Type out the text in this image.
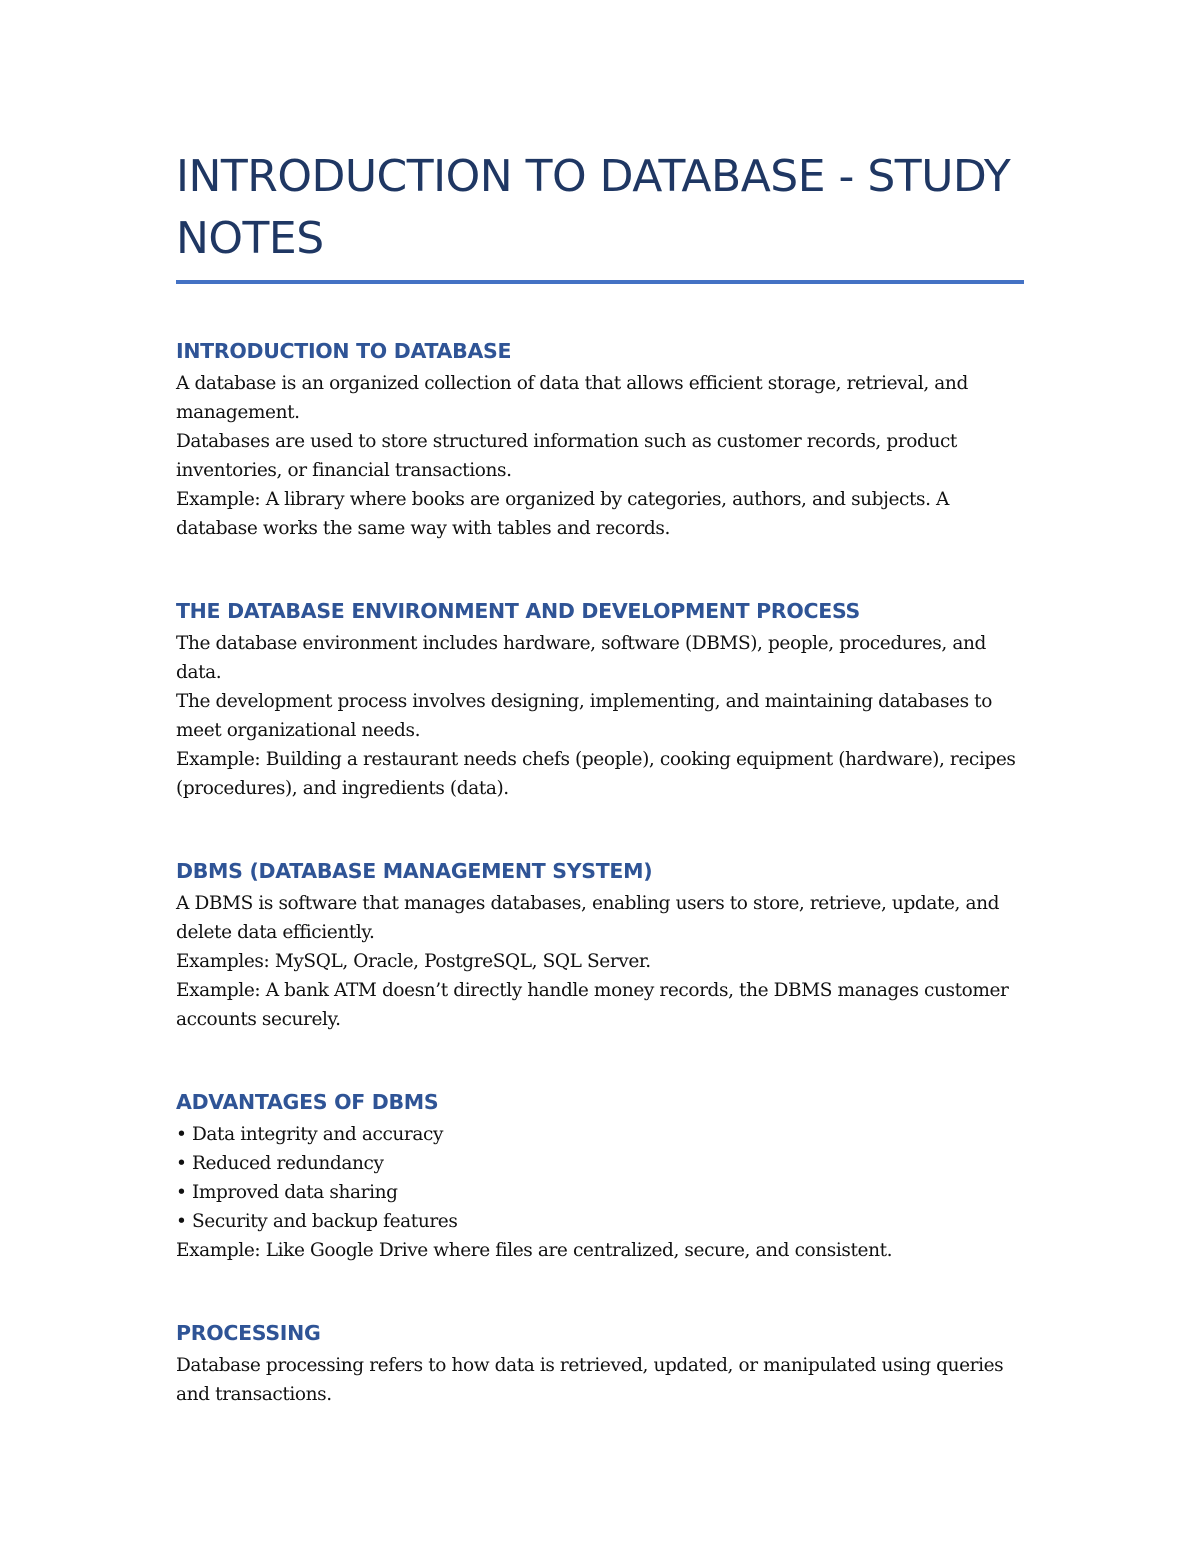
INTRODUCTION TO DATABASE - STUDY NOTES
INTRODUCTION TO DATABASE

A database is an organized collection of data that allows efficient storage, retrieval, and management.

Databases are used to store structured information such as customer records, product inventories, or financial transactions.

Example: A library where books are organized by categories, authors, and subjects. A database works the same way with tables and records.

THE DATABASE ENVIRONMENT AND DEVELOPMENT PROCESS

The database environment includes hardware, software (DBMS), people, procedures, and data.

The development process involves designing, implementing, and maintaining databases to meet organizational needs.

Example: Building a restaurant needs chefs (people), cooking equipment (hardware), recipes (procedures), and ingredients (data).

DBMS (DATABASE MANAGEMENT SYSTEM)

A DBMS is software that manages databases, enabling users to store, retrieve, update, and delete data efficiently.

Examples: MySQL, Oracle, PostgreSQL, SQL Server.

Example: A bank ATM doesn’t directly handle money records, the DBMS manages customer accounts securely.

ADVANTAGES OF DBMS

• Data integrity and accuracy

• Reduced redundancy

• Improved data sharing

• Security and backup features

Example: Like Google Drive where files are centralized, secure, and consistent.

PROCESSING

Database processing refers to how data is retrieved, updated, or manipulated using queries and transactions.
